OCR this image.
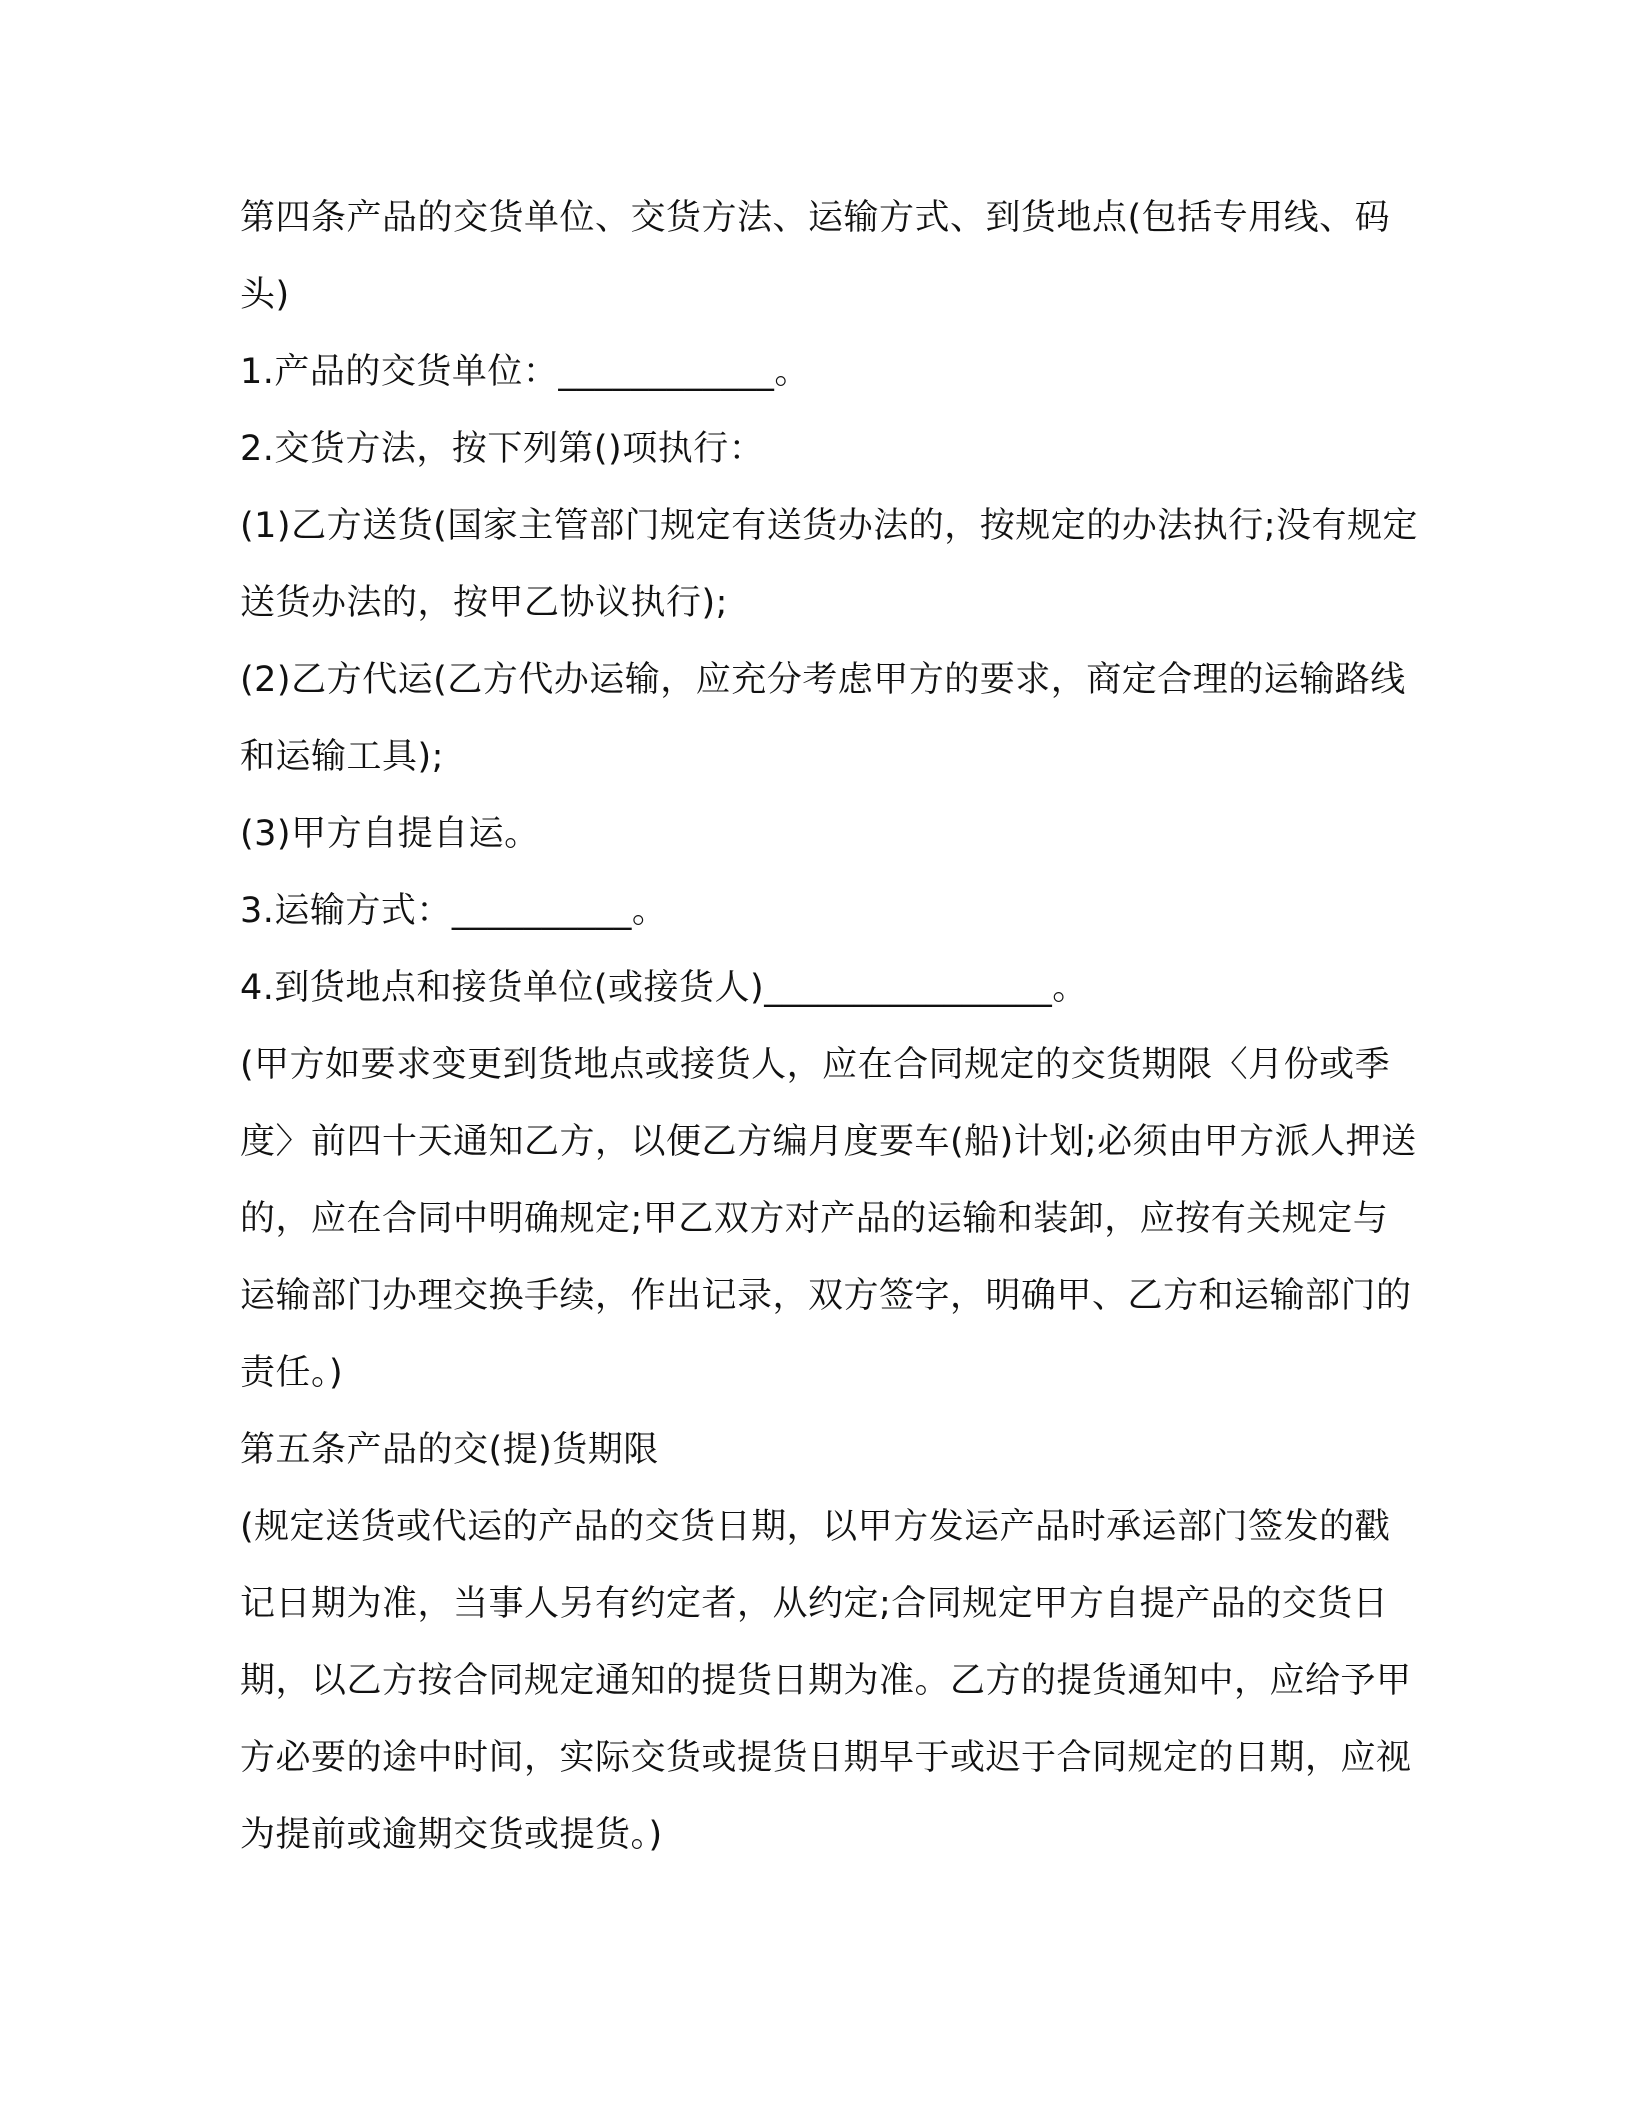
第四条产品的交货单位、交货方法、运输方式、到货地点(包括专用线、码头)

1.产品的交货单位：____________。

2.交货方法，按下列第()项执行：

(1)乙方送货(国家主管部门规定有送货办法的，按规定的办法执行;没有规定送货办法的，按甲乙协议执行);

(2)乙方代运(乙方代办运输，应充分考虑甲方的要求，商定合理的运输路线和运输工具);

(3)甲方自提自运。

3.运输方式：__________。

4.到货地点和接货单位(或接货人)________________。

(甲方如要求变更到货地点或接货人，应在合同规定的交货期限〈月份或季度〉前四十天通知乙方，以便乙方编月度要车(船)计划;必须由甲方派人押送的，应在合同中明确规定;甲乙双方对产品的运输和装卸，应按有关规定与运输部门办理交换手续，作出记录，双方签字，明确甲、乙方和运输部门的责任。)

第五条产品的交(提)货期限

(规定送货或代运的产品的交货日期，以甲方发运产品时承运部门签发的戳记日期为准，当事人另有约定者，从约定;合同规定甲方自提产品的交货日期，以乙方按合同规定通知的提货日期为准。乙方的提货通知中，应给予甲方必要的途中时间，实际交货或提货日期早于或迟于合同规定的日期，应视为提前或逾期交货或提货。)
